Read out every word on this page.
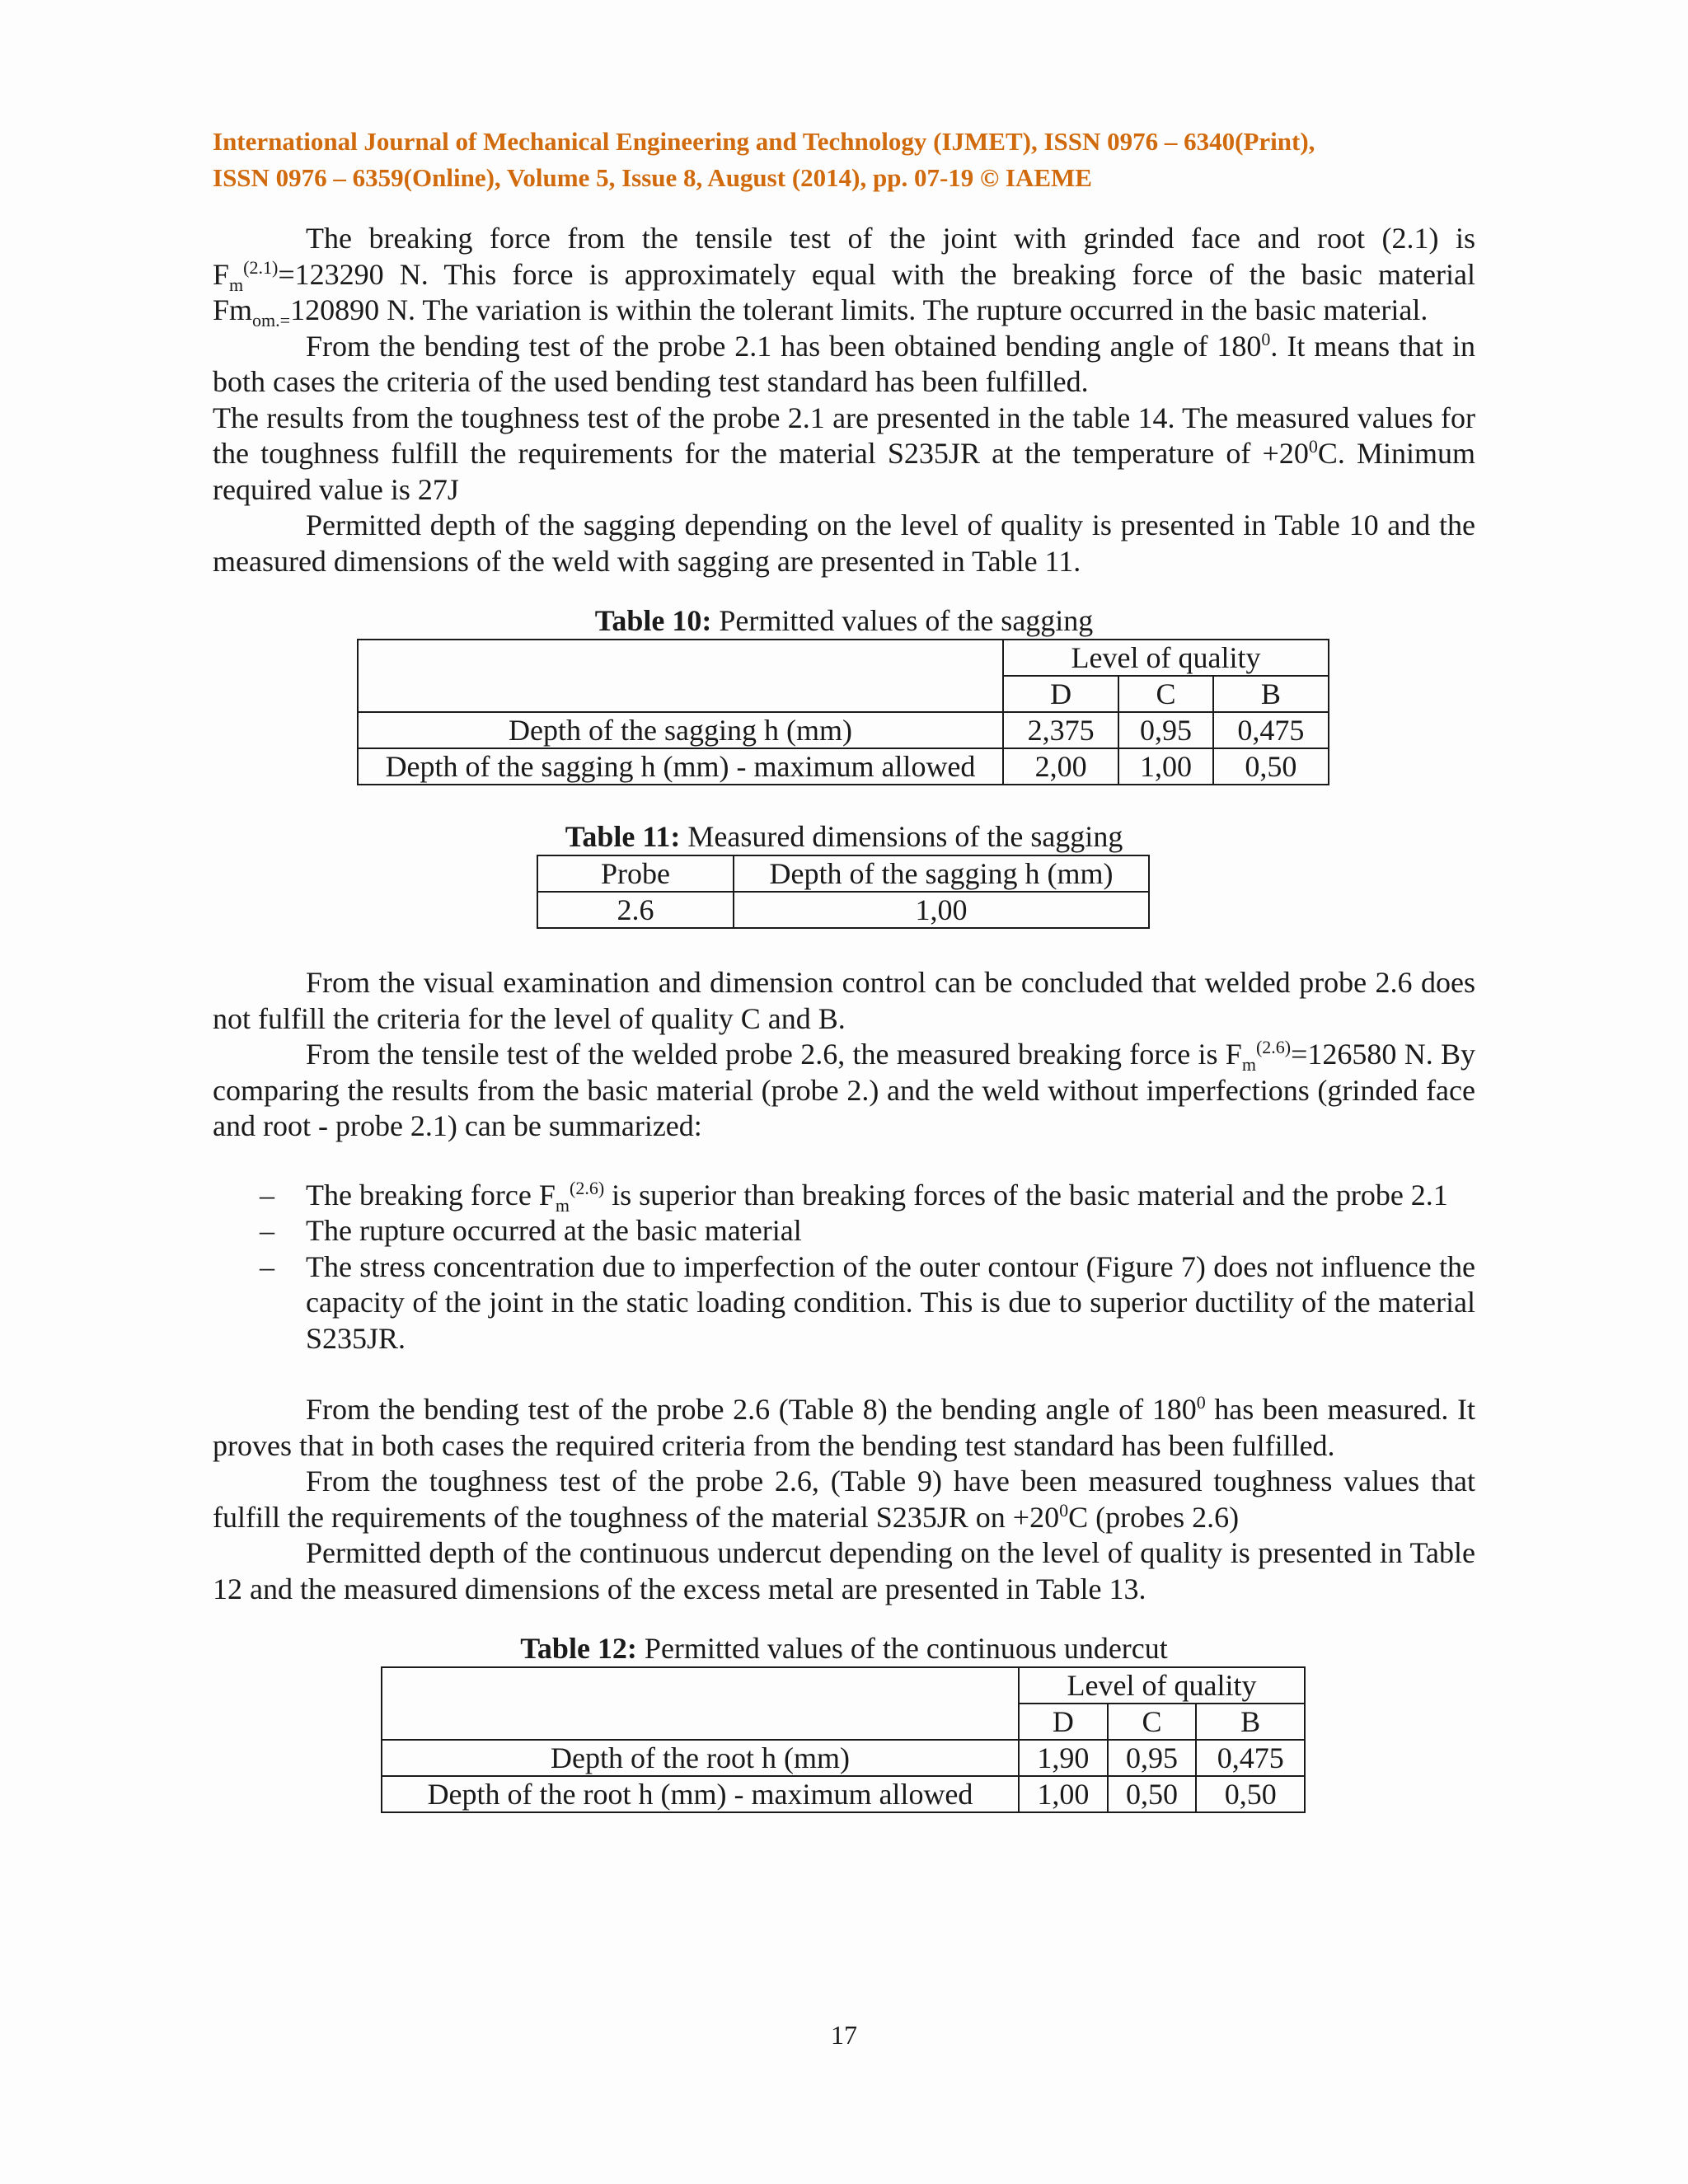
International Journal of Mechanical Engineering and Technology (IJMET), ISSN 0976 – 6340(Print),
ISSN 0976 – 6359(Online), Volume 5, Issue 8, August (2014), pp. 07-19 © IAEME

The breaking force from the tensile test of the joint with grinded face and root (2.1) is $F_m^{(2.1)}=123290$ N. This force is approximately equal with the breaking force of the basic material $Fm_{om.=}120890$ N. The variation is within the tolerant limits. The rupture occurred in the basic material.

From the bending test of the probe 2.1 has been obtained bending angle of $180^0$. It means that in both cases the criteria of the used bending test standard has been fulfilled.

The results from the toughness test of the probe 2.1 are presented in the table 14. The measured values for the toughness fulfill the requirements for the material S235JR at the temperature of $+20^0C$. Minimum required value is 27J

Permitted depth of the sagging depending on the level of quality is presented in Table 10 and the measured dimensions of the weld with sagging are presented in Table 11.

Table 10: Permitted values of the sagging
	Level of quality		
	D	C	B
Depth of the sagging h (mm)	2,375	0,95	0,475
Depth of the sagging h (mm) - maximum allowed	2,00	1,00	0,50
Table 11: Measured dimensions of the sagging
Probe	Depth of the sagging h (mm)
2.6	1,00

From the visual examination and dimension control can be concluded that welded probe 2.6 does not fulfill the criteria for the level of quality C and B.

From the tensile test of the welded probe 2.6, the measured breaking force is $F_m^{(2.6)}=126580$ N. By comparing the results from the basic material (probe 2.) and the weld without imperfections (grinded face and root - probe 2.1) can be summarized:

– The breaking force $F_m^{(2.6)}$ is superior than breaking forces of the basic material and the probe 2.1
– The rupture occurred at the basic material
– The stress concentration due to imperfection of the outer contour (Figure 7) does not influence the capacity of the joint in the static loading condition. This is due to superior ductility of the material S235JR.

From the bending test of the probe 2.6 (Table 8) the bending angle of $180^0$ has been measured. It proves that in both cases the required criteria from the bending test standard has been fulfilled.

From the toughness test of the probe 2.6, (Table 9) have been measured toughness values that fulfill the requirements of the toughness of the material S235JR on $+20^0C$ (probes 2.6)

Permitted depth of the continuous undercut depending on the level of quality is presented in Table 12 and the measured dimensions of the excess metal are presented in Table 13.

Table 12: Permitted values of the continuous undercut
	Level of quality		
	D	C	B
Depth of the root h (mm)	1,90	0,95	0,475
Depth of the root h (mm) - maximum allowed	1,00	0,50	0,50
17
